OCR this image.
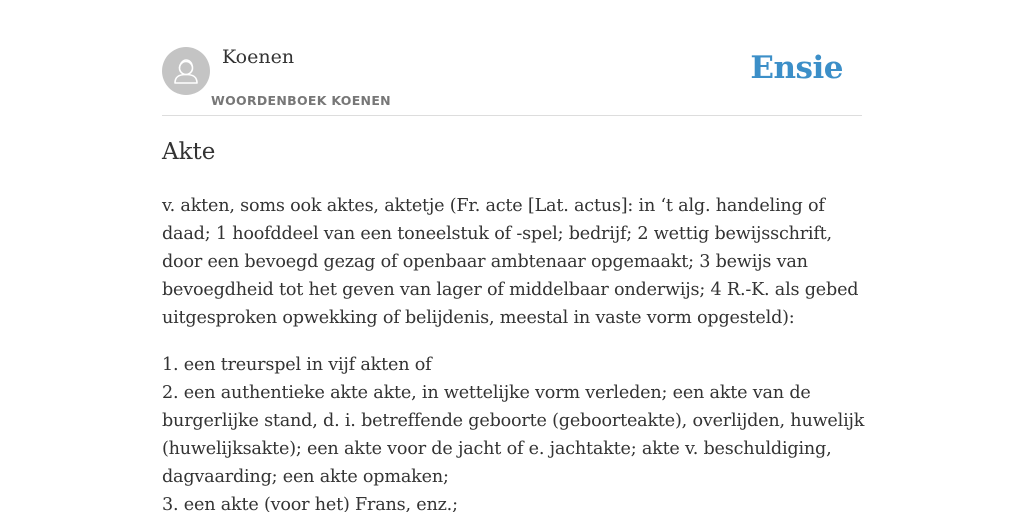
Koenen
WOORDENBOEK KOENEN
Ensie
Akte
v. akten, soms ook aktes, aktetje (Fr. acte [Lat. actus]: in ‘t alg. handeling of daad; 1 hoofddeel van een toneelstuk of -spel; bedrijf; 2 wettig bewijsschrift, door een bevoegd gezag of openbaar ambtenaar opgemaakt; 3 bewijs van bevoegdheid tot het geven van lager of middelbaar onderwijs; 4 R.-K. als gebed uitgesproken opwekking of belijdenis, meestal in vaste vorm opgesteld):
1. een treurspel in vijf akten of
2. een authentieke akte akte, in wettelijke vorm verleden; een akte van de burgerlijke stand, d. i. betreffende geboorte (geboorteakte), overlijden, huwelijk (huwelijksakte); een akte voor de jacht of e. jachtakte; akte v. beschuldiging, dagvaarding; een akte opmaken;
3. een akte (voor het) Frans, enz.;
